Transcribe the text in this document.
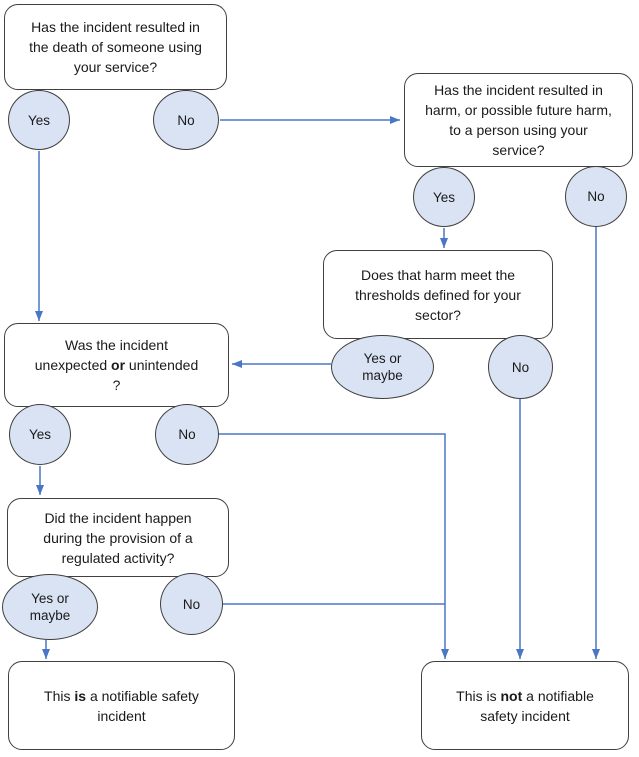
Has the incident resulted in the death of someone using your service?
Has the incident resulted in harm, or possible future harm, to a person using your service?
Does that harm meet the thresholds defined for your sector?
Was the incident unexpected or unintended ?
Did the incident happen during the provision of a regulated activity?
This is a notifiable safety incident
This is not a notifiable safety incident
Yes	No
Yes	No
Yes or maybe
No
Yes	No
Yes or maybe
No
